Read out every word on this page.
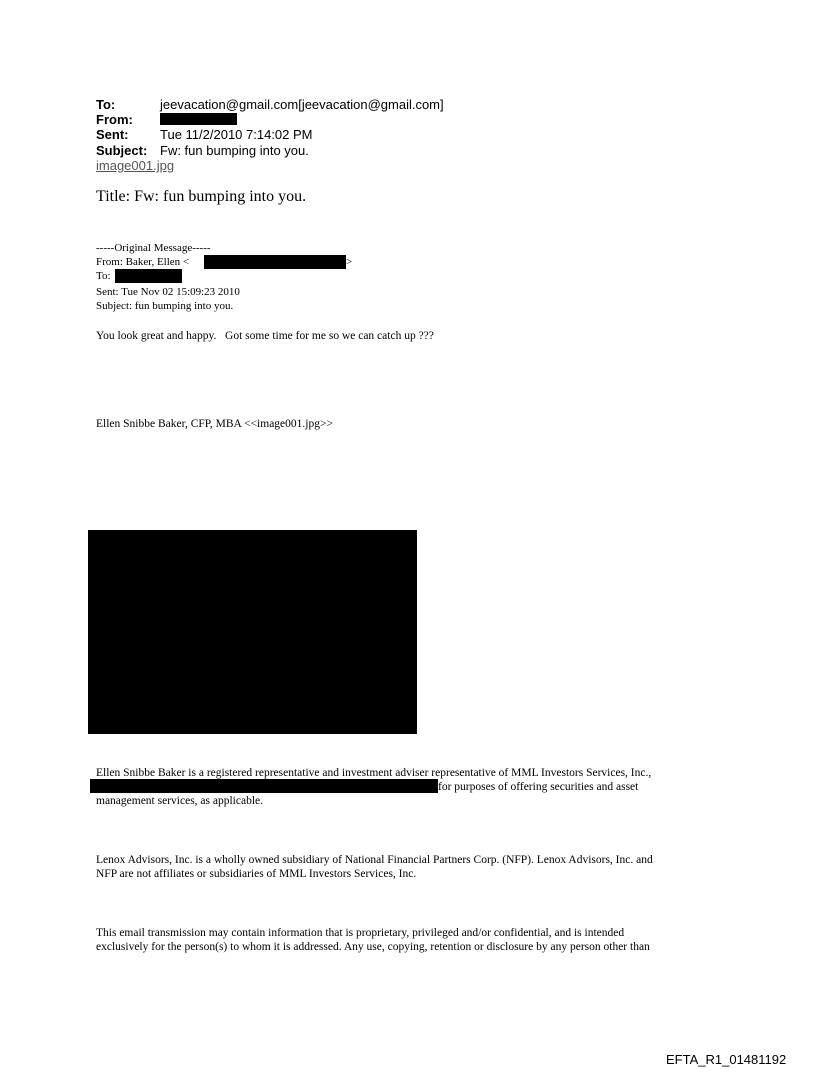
To:	jeevacation@gmail.com[jeevacation@gmail.com]
From:
Sent: Tue 11/2/2010 7:14:02 PM
Subject: Fw: fun bumping into you.
image001.jpg
Title: Fw: fun bumping into you.
-----Original Message-----
From: Baker, Ellen <	>
To:
Sent: Tue Nov 02 15:09:23 2010
Subject: fun bumping into you.
You look great and happy.   Got some time for me so we can catch up ???
Ellen Snibbe Baker, CFP, MBA <<image001.jpg>>
Ellen Snibbe Baker is a registered representative and investment adviser representative of MML Investors Services, Inc.,
for purposes of offering securities and asset
management services, as applicable.
Lenox Advisors, Inc. is a wholly owned subsidiary of National Financial Partners Corp. (NFP). Lenox Advisors, Inc. and
NFP are not affiliates or subsidiaries of MML Investors Services, Inc.
This email transmission may contain information that is proprietary, privileged and/or confidential, and is intended
exclusively for the person(s) to whom it is addressed. Any use, copying, retention or disclosure by any person other than
EFTA_R1_01481192
